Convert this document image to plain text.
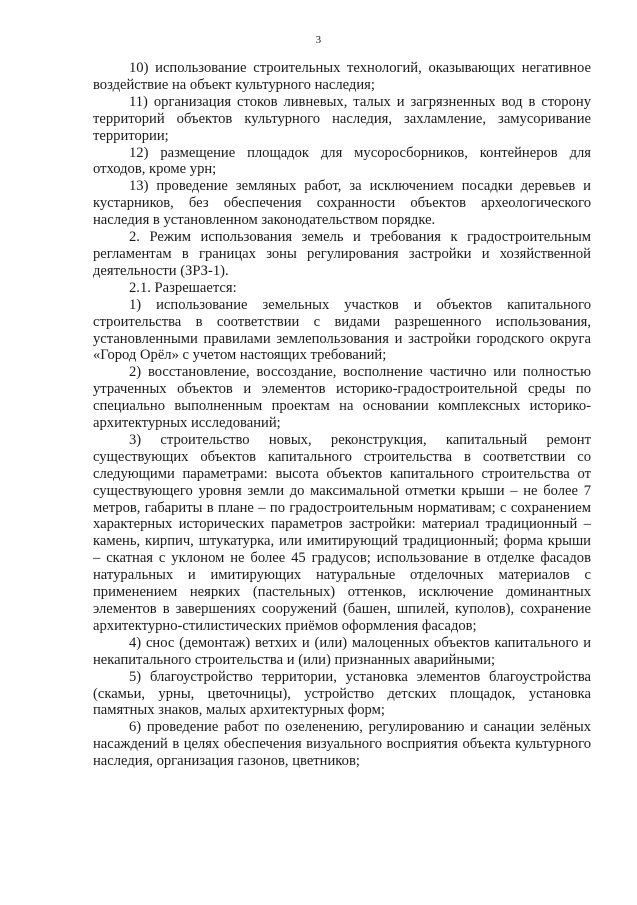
3

10) использование строительных технологий, оказывающих негативное воздействие на объект культурного наследия;

11) организация стоков ливневых, талых и загрязненных вод в сторону территорий объектов культурного наследия, захламление, замусоривание территории;

12) размещение площадок для мусоросборников, контейнеров для отходов, кроме урн;

13) проведение земляных работ, за исключением посадки деревьев и кустарников, без обеспечения сохранности объектов археологического наследия в установленном законодательством порядке.

2. Режим использования земель и требования к градостроительным регламентам в границах зоны регулирования застройки и хозяйственной деятельности (ЗРЗ-1).

2.1. Разрешается:

1) использование земельных участков и объектов капитального строительства в соответствии с видами разрешенного использования, установленными правилами землепользования и застройки городского округа «Город Орёл» с учетом настоящих требований;

2) восстановление, воссоздание, восполнение частично или полностью утраченных объектов и элементов историко-градостроительной среды по специально выполненным проектам на основании комплексных историко-архитектурных исследований;

3) строительство новых, реконструкция, капитальный ремонт существующих объектов капитального строительства в соответствии со следующими параметрами: высота объектов капитального строительства от существующего уровня земли до максимальной отметки крыши – не более 7 метров, габариты в плане – по градостроительным нормативам; с сохранением характерных исторических параметров застройки: материал традиционный – камень, кирпич, штукатурка, или имитирующий традиционный; форма крыши – скатная с уклоном не более 45 градусов; использование в отделке фасадов натуральных и имитирующих натуральные отделочных материалов с применением неярких (пастельных) оттенков, исключение доминантных элементов в завершениях сооружений (башен, шпилей, куполов), сохранение архитектурно-стилистических приёмов оформления фасадов;

4) снос (демонтаж) ветхих и (или) малоценных объектов капитального и некапитального строительства и (или) признанных аварийными;

5) благоустройство территории, установка элементов благоустройства (скамьи, урны, цветочницы), устройство детских площадок, установка памятных знаков, малых архитектурных форм;

6) проведение работ по озеленению, регулированию и санации зелёных насаждений в целях обеспечения визуального восприятия объекта культурного наследия, организация газонов, цветников;
